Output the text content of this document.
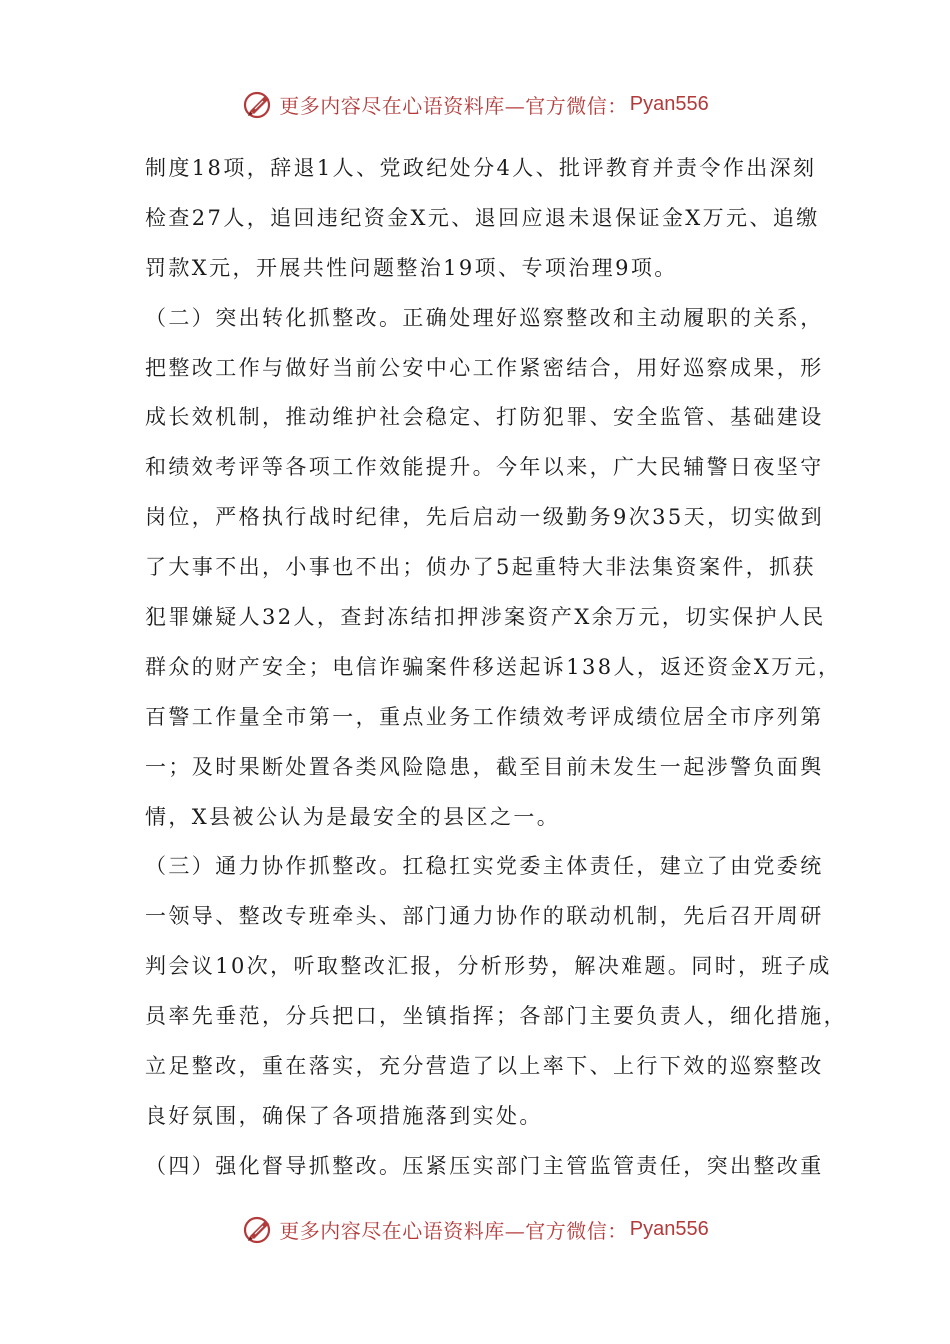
更多内容尽在心语资料库—官方微信： Pyan556
制度18项，辞退1人、党政纪处分4人、批评教育并责令作出深刻
检查27人，追回违纪资金X元、退回应退未退保证金X万元、追缴
罚款X元，开展共性问题整治19项、专项治理9项。
（二）突出转化抓整改。正确处理好巡察整改和主动履职的关系，
把整改工作与做好当前公安中心工作紧密结合，用好巡察成果，形
成长效机制，推动维护社会稳定、打防犯罪、安全监管、基础建设
和绩效考评等各项工作效能提升。今年以来，广大民辅警日夜坚守
岗位，严格执行战时纪律，先后启动一级勤务9次35天，切实做到
了大事不出，小事也不出；侦办了5起重特大非法集资案件，抓获
犯罪嫌疑人32人，查封冻结扣押涉案资产X余万元，切实保护人民
群众的财产安全；电信诈骗案件移送起诉138人，返还资金X万元，
百警工作量全市第一，重点业务工作绩效考评成绩位居全市序列第
一；及时果断处置各类风险隐患，截至目前未发生一起涉警负面舆
情，X县被公认为是最安全的县区之一。
（三）通力协作抓整改。扛稳扛实党委主体责任，建立了由党委统
一领导、整改专班牵头、部门通力协作的联动机制，先后召开周研
判会议10次，听取整改汇报，分析形势，解决难题。同时，班子成
员率先垂范，分兵把口，坐镇指挥；各部门主要负责人，细化措施，
立足整改，重在落实，充分营造了以上率下、上行下效的巡察整改
良好氛围，确保了各项措施落到实处。
（四）强化督导抓整改。压紧压实部门主管监管责任，突出整改重
更多内容尽在心语资料库—官方微信： Pyan556
